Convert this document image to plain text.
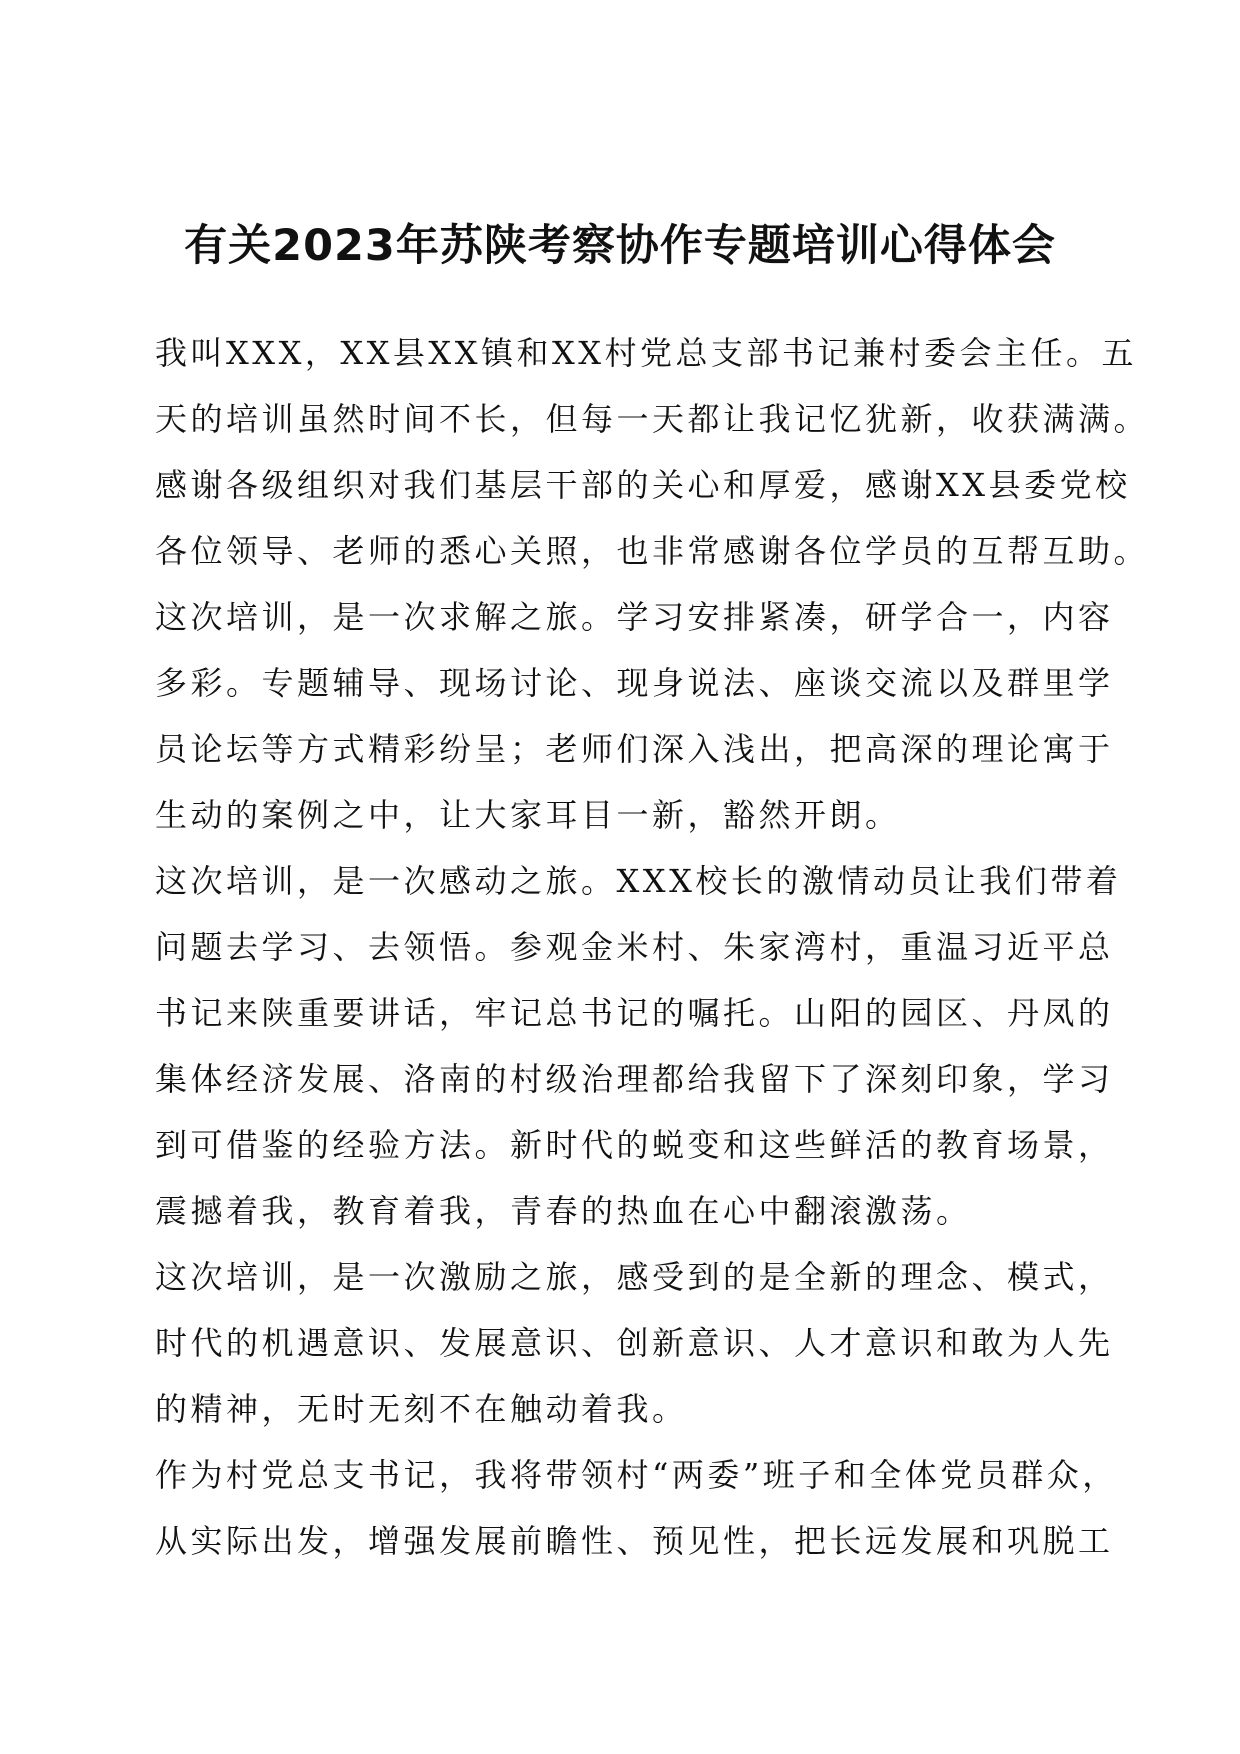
有关2023年苏陕考察协作专题培训心得体会
我叫XXX，XX县XX镇和XX村党总支部书记兼村委会主任。五
天的培训虽然时间不长，但每一天都让我记忆犹新，收获满满。
感谢各级组织对我们基层干部的关心和厚爱，感谢XX县委党校
各位领导、老师的悉心关照，也非常感谢各位学员的互帮互助。
这次培训，是一次求解之旅。学习安排紧凑，研学合一，内容
多彩。专题辅导、现场讨论、现身说法、座谈交流以及群里学
员论坛等方式精彩纷呈；老师们深入浅出，把高深的理论寓于
生动的案例之中，让大家耳目一新，豁然开朗。
这次培训，是一次感动之旅。XXX校长的激情动员让我们带着
问题去学习、去领悟。参观金米村、朱家湾村，重温习近平总
书记来陕重要讲话，牢记总书记的嘱托。山阳的园区、丹凤的
集体经济发展、洛南的村级治理都给我留下了深刻印象，学习
到可借鉴的经验方法。新时代的蜕变和这些鲜活的教育场景，
震撼着我，教育着我，青春的热血在心中翻滚激荡。
这次培训，是一次激励之旅，感受到的是全新的理念、模式，
时代的机遇意识、发展意识、创新意识、人才意识和敢为人先
的精神，无时无刻不在触动着我。
作为村党总支书记，我将带领村“两委”班子和全体党员群众，
从实际出发，增强发展前瞻性、预见性，把长远发展和巩脱工
